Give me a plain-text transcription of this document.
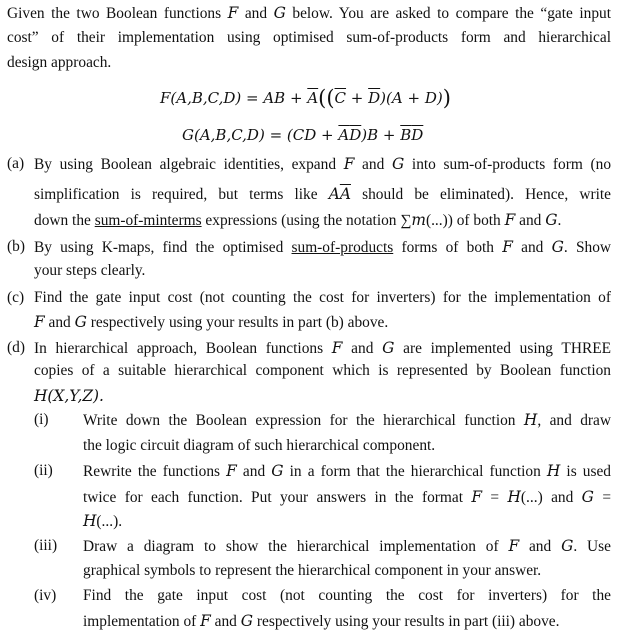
Given the two Boolean functions F and G below. You are asked to compare the “gate input
cost” of their implementation using optimised sum-of-products form and hierarchical
design approach.
F(A,B,C,D) = AB + $\overline{A}((\overline{C} + \overline{D})(A + D))$
$G(A,B,C,D) = (CD + \overline{A}\overline{D})B + \overline{B}\overline{D}$
(a) By using Boolean algebraic identities, expand F and G into sum-of-products form (no
simplification is required, but terms like $A\overline{A}$ should be eliminated). Hence, write
down the sum-of-minterms expressions (using the notation ∑m(...)) of both F and G.
(b) By using K-maps, find the optimised sum-of-products forms of both F and G. Show
your steps clearly.
(c) Find the gate input cost (not counting the cost for inverters) for the implementation of
F and G respectively using your results in part (b) above.
(d) In hierarchical approach, Boolean functions F and G are implemented using THREE
copies of a suitable hierarchical component which is represented by Boolean function
H(X,Y,Z).
(i) Write down the Boolean expression for the hierarchical function H, and draw
the logic circuit diagram of such hierarchical component.
(ii) Rewrite the functions F and G in a form that the hierarchical function H is used
twice for each function. Put your answers in the format F = H(...) and G =
H(...).
(iii) Draw a diagram to show the hierarchical implementation of F and G. Use
graphical symbols to represent the hierarchical component in your answer.
(iv) Find the gate input cost (not counting the cost for inverters) for the
implementation of F and G respectively using your results in part (iii) above.
